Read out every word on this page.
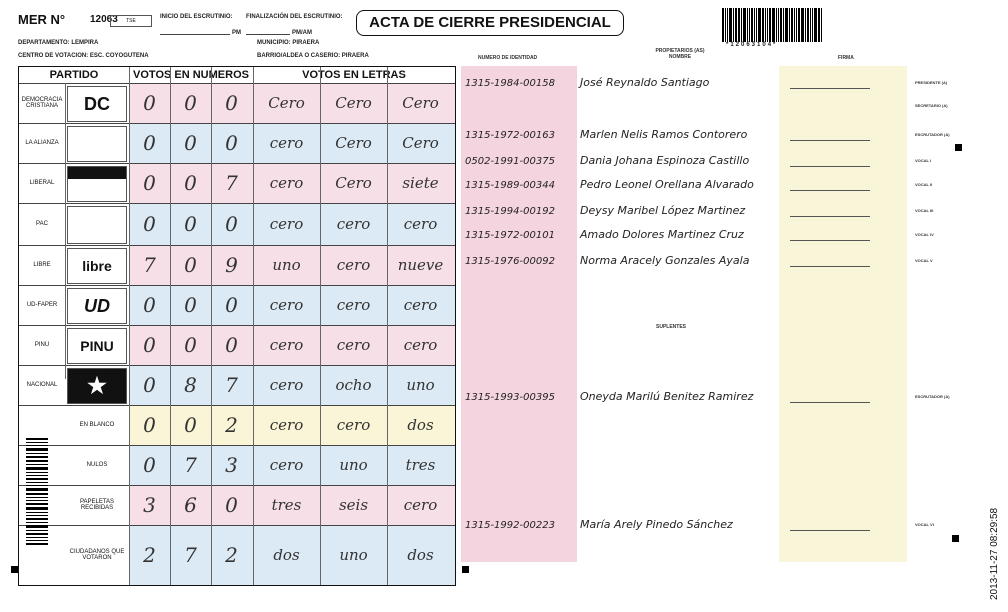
MER N° 12063	TSE
INICIO DEL ESCRUTINIO:
PM
FINALIZACIÓN DEL ESCRUTINIO:
PM/AM
ACTA DE CIERRE PRESIDENCIAL
DEPARTAMENTO: LEMPIRA	MUNICIPIO: PIRAERA
CENTRO DE VOTACION: ESC. COYOGUTENA	BARRIO/ALDEA O CASERIO: PIRAERA
*12063104*
PARTIDO	VOTOS EN NUMEROS	VOTOS EN LETRAS
DEMOCRACIA CRISTIANA	DC	0	0	0	Cero	Cero	Cero
LA ALIANZA	0	0	0	cero	Cero	Cero
LIBERAL	0	0	7	cero	Cero	siete
PAC	0	0	0	cero	cero	cero
LIBRE	libre	7	0	9	uno	cero	nueve
UD-FAPER	UD	0	0	0	cero	cero	cero
PINU	PINU	0	0	0	cero	cero	cero
NACIONAL	★	0	8	7	cero	ocho	uno
EN BLANCO	0	0	2	cero	cero	dos
NULOS	0	7	3	cero	uno	tres
PAPELETAS RECIBIDAS	3	6	0	tres	seis	cero
CIUDADANOS QUE VOTARON	2	7	2	dos	uno	dos
NUMERO DE IDENTIDAD
PROPIETARIOS (AS) NOMBRE	FIRMA
SUPLENTES
PRESIDENTE (A)
1315-1984-00158 José Reynaldo Santiago
SECRETARIO (A)
ESCRUTADOR (A)
1315-1972-00163 Marlen Nelis Ramos Contorero
VOCAL I
0502-1991-00375 Dania Johana Espinoza Castillo
VOCAL II
1315-1989-00344 Pedro Leonel Orellana Alvarado
VOCAL III
1315-1994-00192 Deysy Maribel López Martinez
VOCAL IV
1315-1972-00101 Amado Dolores Martinez Cruz
VOCAL V
1315-1976-00092 Norma Aracely Gonzales Ayala
ESCRUTADOR (A)
1315-1993-00395 Oneyda Marilú Benitez Ramirez
VOCAL VI
1315-1992-00223 María Arely Pinedo Sánchez	2013-11-27 08:29:58
